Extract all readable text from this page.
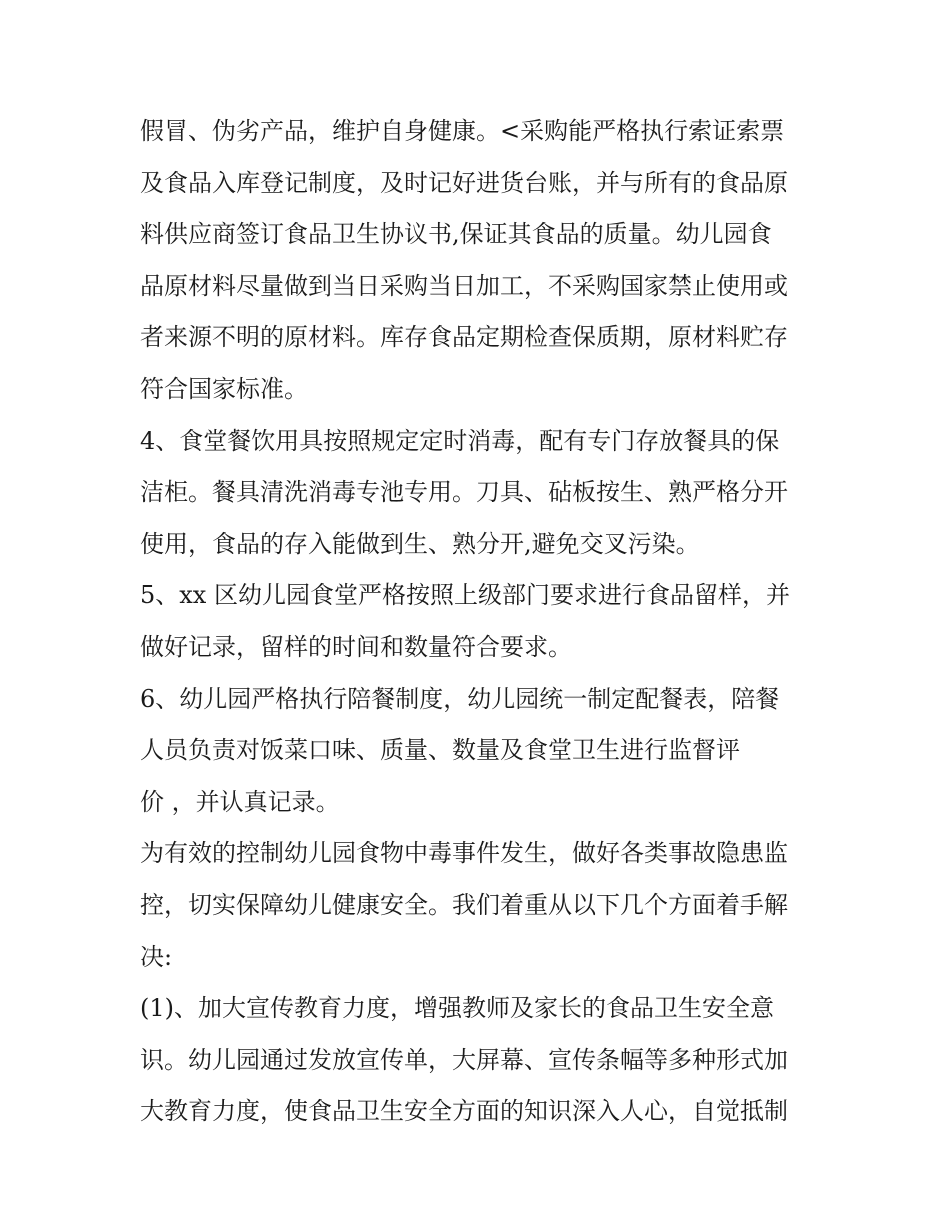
假冒、伪劣产品，维护自身健康。<采购能严格执行索证索票
及食品入库登记制度，及时记好进货台账，并与所有的食品原
料供应商签订食品卫生协议书,保证其食品的质量。幼儿园食
品原材料尽量做到当日采购当日加工，不采购国家禁止使用或
者来源不明的原材料。库存食品定期检查保质期，原材料贮存
符合国家标准。
4、食堂餐饮用具按照规定定时消毒，配有专门存放餐具的保
洁柜。餐具清洗消毒专池专用。刀具、砧板按生、熟严格分开
使用，食品的存入能做到生、熟分开,避免交叉污染。
5、xx 区幼儿园食堂严格按照上级部门要求进行食品留样，并
做好记录，留样的时间和数量符合要求。
6、幼儿园严格执行陪餐制度，幼儿园统一制定配餐表，陪餐
人员负责对饭菜口味、质量、数量及食堂卫生进行监督评
价 ，并认真记录。
为有效的控制幼儿园食物中毒事件发生，做好各类事故隐患监
控，切实保障幼儿健康安全。我们着重从以下几个方面着手解
决:
(1)、加大宣传教育力度，增强教师及家长的食品卫生安全意
识。幼儿园通过发放宣传单，大屏幕、宣传条幅等多种形式加
大教育力度，使食品卫生安全方面的知识深入人心，自觉抵制
